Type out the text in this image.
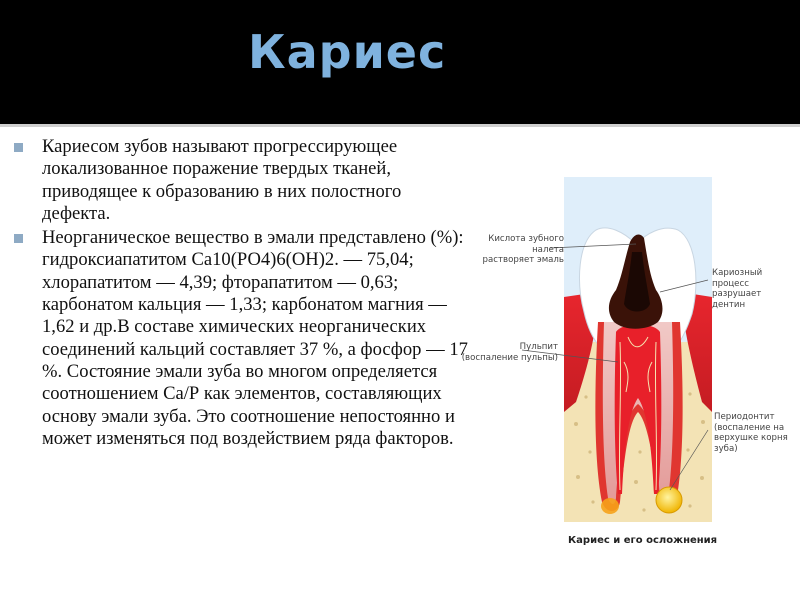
Кариес
Кариесом зубов называют прогрессирующее локализованное поражение твердых тканей, приводящее к образованию в них полостного дефекта.
Неорганическое вещество в эмали представлено (%): гидроксиапатитом Са10(РО4)6(ОН)2. — 75,04; хлорапатитом — 4,39; фторапатитом — 0,63; карбонатом кальция — 1,33; карбонатом магния — 1,62 и др.В составе химических неорганических соединений кальций составляет 37 %, а фосфор — 17 %. Состояние эмали зуба во многом определяется соотношением Са/Р как элементов, составляющих основу эмали зуба. Это соотношение непостоянно и может изменяться под воздействием ряда факторов.
Кислота зубного налета
растворяет эмаль
Кариозный процесс
разрушает дентин
Пульпит
(воспаление пульпы)
Периодонтит
(воспаление на
верхушке корня
зуба)
Кариес и его осложнения
